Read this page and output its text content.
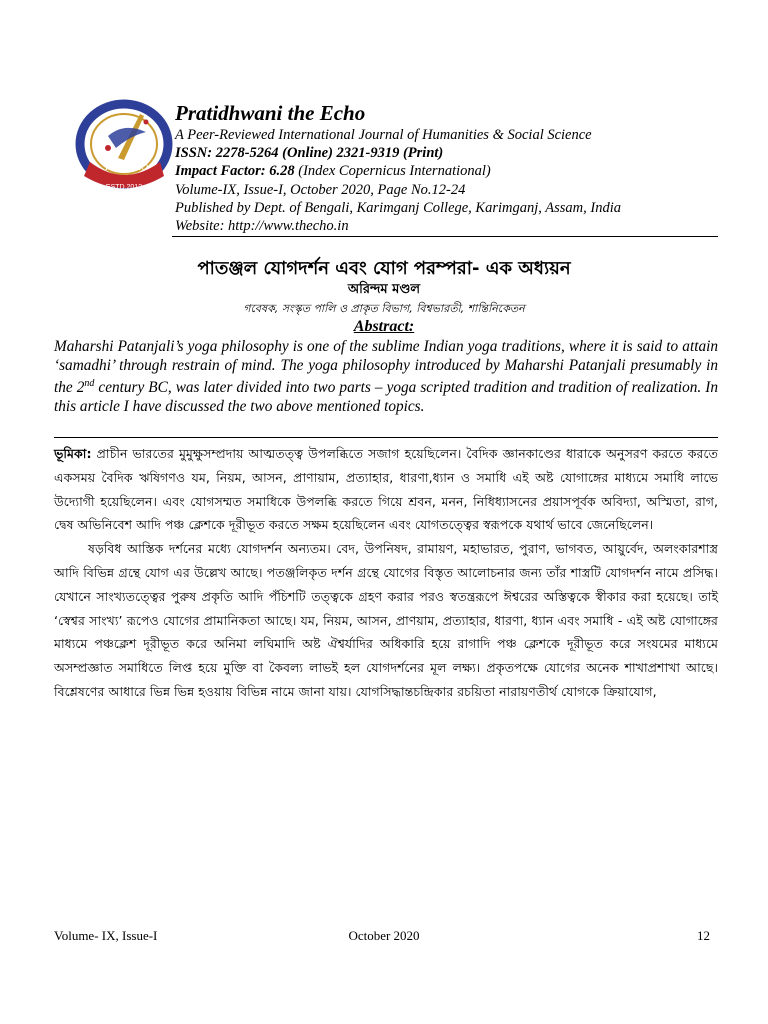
THE ECHO
ESTD.2012
Pratidhwani the Echo
A Peer-Reviewed International Journal of Humanities & Social Science
ISSN: 2278-5264 (Online) 2321-9319 (Print)
Impact Factor: 6.28 (Index Copernicus International)
Volume-IX, Issue-I, October 2020, Page No.12-24
Published by Dept. of Bengali, Karimganj College, Karimganj, Assam, India
Website: http://www.thecho.in
পাতঞ্জল যোগদর্শন এবং যোগ পরম্পরা- এক অধ্যয়ন
অরিন্দম মণ্ডল
গবেষক, সংস্কৃত পালি ও প্রাকৃত বিভাগ, বিশ্বভারতী, শান্তিনিকেতন
Abstract:

Maharshi Patanjali’s yoga philosophy is one of the sublime Indian yoga traditions, where it is said to attain ‘samadhi’ through restrain of mind. The yoga philosophy introduced by Maharshi Patanjali presumably in the 2nd century BC, was later divided into two parts – yoga scripted tradition and tradition of realization. In this article I have discussed the two above mentioned topics.

ভূমিকা: প্রাচীন ভারতের মুমুক্ষুসম্প্রদায় আত্মতত্ত্ব উপলব্ধিতে সজাগ হয়েছিলেন। বৈদিক জ্ঞানকাণ্ডের ধারাকে অনুসরণ করতে করতে একসময় বৈদিক ঋষিগণও যম, নিয়ম, আসন, প্রাণায়াম, প্রত্যাহার, ধারণা,ধ্যান ও সমাধি এই অষ্ট যোগাঙ্গের মাধ্যমে সমাধি লাভে উদ্যোগী হয়েছিলেন। এবং যোগসম্মত সমাধিকে উপলব্ধি করতে গিয়ে শ্রবন, মনন, নিধিধ্যাসনের প্রয়াসপূর্বক অবিদ্যা, অস্মিতা, রাগ, দ্বেষ অভিনিবেশ আদি পঞ্চ ক্লেশকে দূরীভূত করতে সক্ষম হয়েছিলেন এবং যোগতত্ত্বের স্বরূপকে যথার্থ ভাবে জেনেছিলেন।

ষড়বিধ আস্তিক দর্শনের মধ্যে যোগদর্শন অন্যতম। বেদ, উপনিষদ, রামায়ণ, মহাভারত, পুরাণ, ভাগবত, আয়ুর্বেদ, অলংকারশাস্ত্র আদি বিভিন্ন গ্রন্থে যোগ এর উল্লেখ আছে। পতঞ্জলিকৃত দর্শন গ্রন্থে যোগের বিস্তৃত আলোচনার জন্য তাঁর শাস্ত্রটি যোগদর্শন নামে প্রসিদ্ধ। যেখানে সাংখ্যতত্ত্বের পুরুষ প্রকৃতি আদি পঁচিশটি তত্ত্বকে গ্রহণ করার পরও স্বতন্ত্ররূপে ঈশ্বরের অস্তিত্বকে স্বীকার করা হয়েছে। তাই ‘স্বেশ্বর সাংখ্য’ রূপেও যোগের প্রামানিকতা আছে। যম, নিয়ম, আসন, প্রাণয়াম, প্রত্যাহার, ধারণা, ধ্যান এবং সমাধি - এই অষ্ট যোগাঙ্গের মাধ্যমে পঞ্চক্লেশ দূরীভূত করে অনিমা লঘিমাদি অষ্ট ঐশ্বর্যাদির অধিকারি হয়ে রাগাদি পঞ্চ ক্লেশকে দূরীভূত করে সংযমের মাধ্যমে অসম্প্রজ্ঞাত সমাধিতে লিপ্ত হয়ে মুক্তি বা কৈবল্য লাভই হল যোগদর্শনের মূল লক্ষ্য। প্রকৃতপক্ষে যোগের অনেক শাখাপ্রশাখা আছে। বিশ্লেষণের আধারে ভিন্ন ভিন্ন হওয়ায় বিভিন্ন নামে জানা যায়। যোগসিদ্ধান্তচন্দ্রিকার রচয়িতা নারায়ণতীর্থ যোগকে ক্রিয়াযোগ,

Volume- IX, Issue-I	October 2020	12
